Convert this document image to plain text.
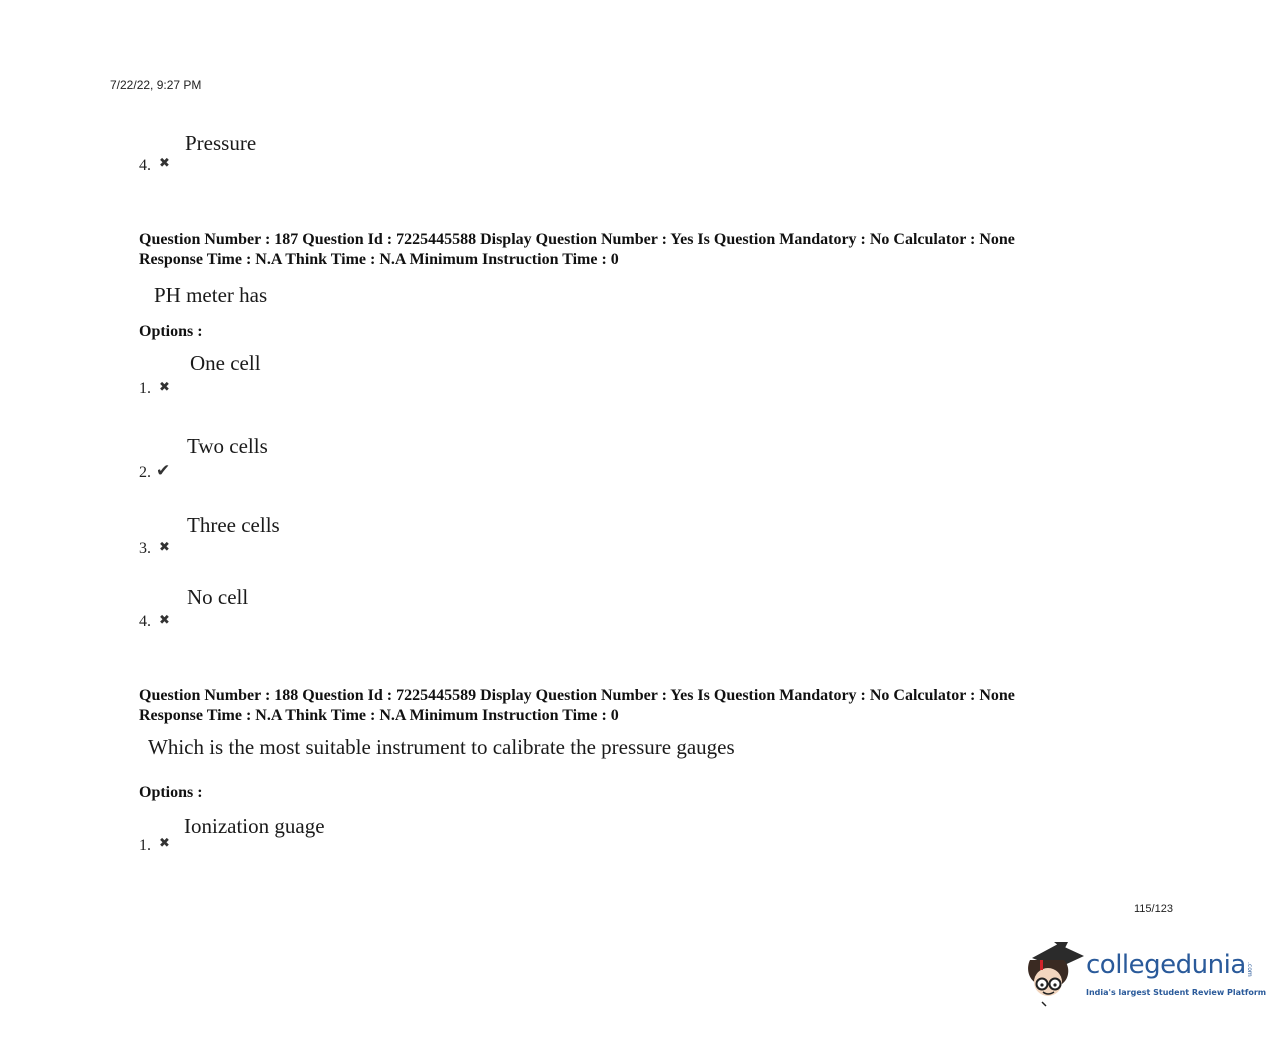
7/22/22, 9:27 PM
Pressure
4. ✖
Question Number : 187 Question Id : 7225445588 Display Question Number : Yes Is Question Mandatory : No Calculator : None
Response Time : N.A Think Time : N.A Minimum Instruction Time : 0
PH meter has
Options :
One cell
1. ✖
Two cells
2. ✔
Three cells
3. ✖
No cell
4. ✖
Question Number : 188 Question Id : 7225445589 Display Question Number : Yes Is Question Mandatory : No Calculator : None
Response Time : N.A Think Time : N.A Minimum Instruction Time : 0
Which is the most suitable instrument to calibrate the pressure gauges
Options :
Ionization guage
1. ✖
115/123
collegedunia .com
India's largest Student Review Platform
